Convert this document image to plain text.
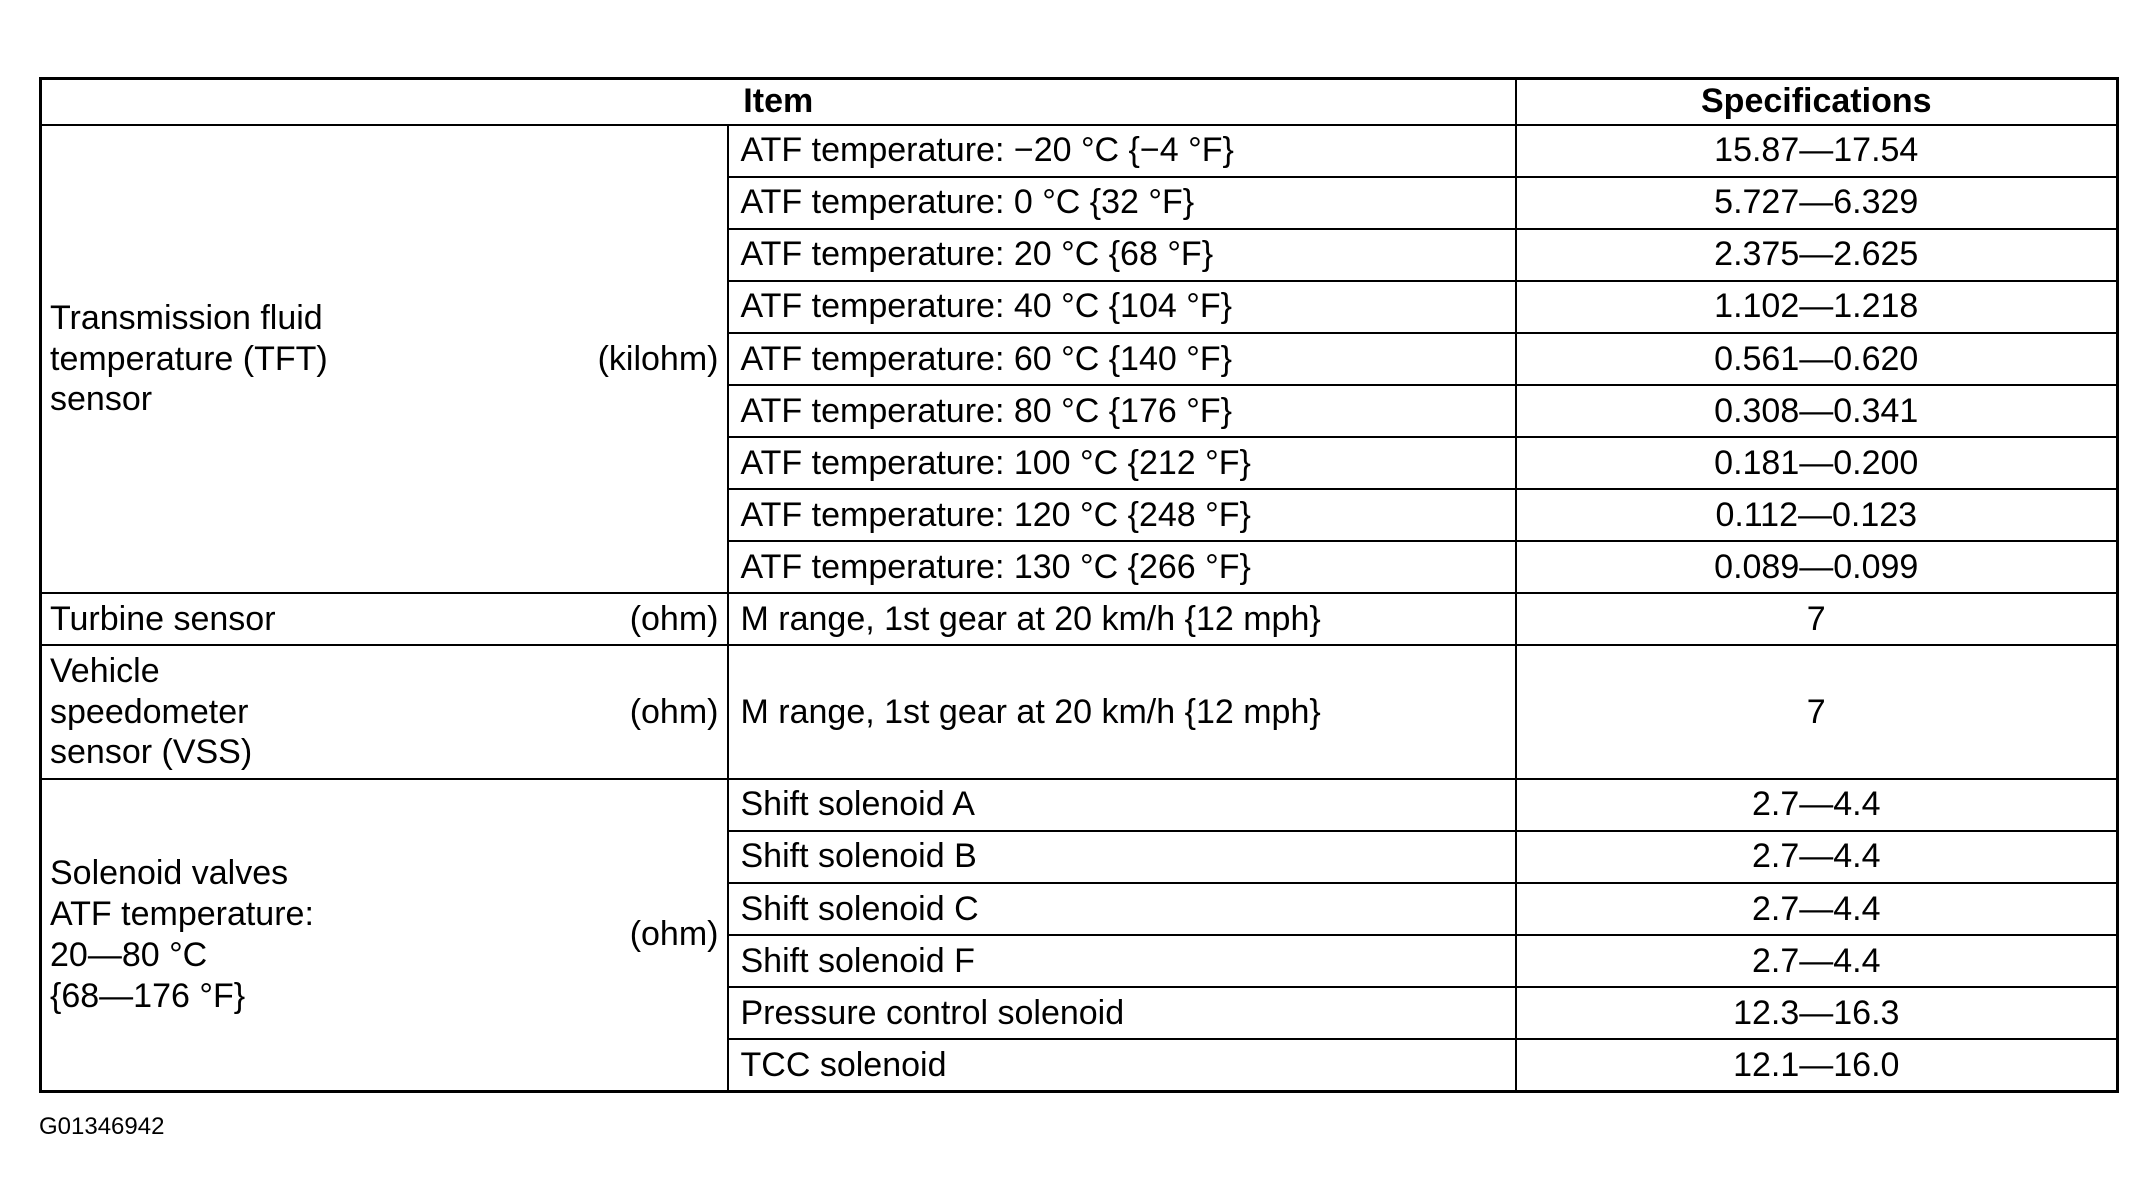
Item		Specifications

Transmission fluid
temperature (TFT)
sensor
(kilohm)	ATF temperature: −20 °C {−4 °F}	15.87—17.54
	ATF temperature: 0 °C {32 °F}	5.727—6.329
	ATF temperature: 20 °C {68 °F}	2.375—2.625
	ATF temperature: 40 °C {104 °F}	1.102—1.218
	ATF temperature: 60 °C {140 °F}	0.561—0.620
	ATF temperature: 80 °C {176 °F}	0.308—0.341
	ATF temperature: 100 °C {212 °F}	0.181—0.200
	ATF temperature: 120 °C {248 °F}	0.112—0.123
	ATF temperature: 130 °C {266 °F}	0.089—0.099

Turbine sensor (ohm)	M range, 1st gear at 20 km/h {12 mph}	7

Vehicle
speedometer
sensor (VSS)
(ohm)	M range, 1st gear at 20 km/h {12 mph}	7

Solenoid valves
ATF temperature:
20—80 °C
{68—176 °F}
(ohm)	Shift solenoid A	2.7—4.4
	Shift solenoid B	2.7—4.4
	Shift solenoid C	2.7—4.4
	Shift solenoid F	2.7—4.4
	Pressure control solenoid	12.3—16.3
	TCC solenoid	12.1—16.0
G01346942
